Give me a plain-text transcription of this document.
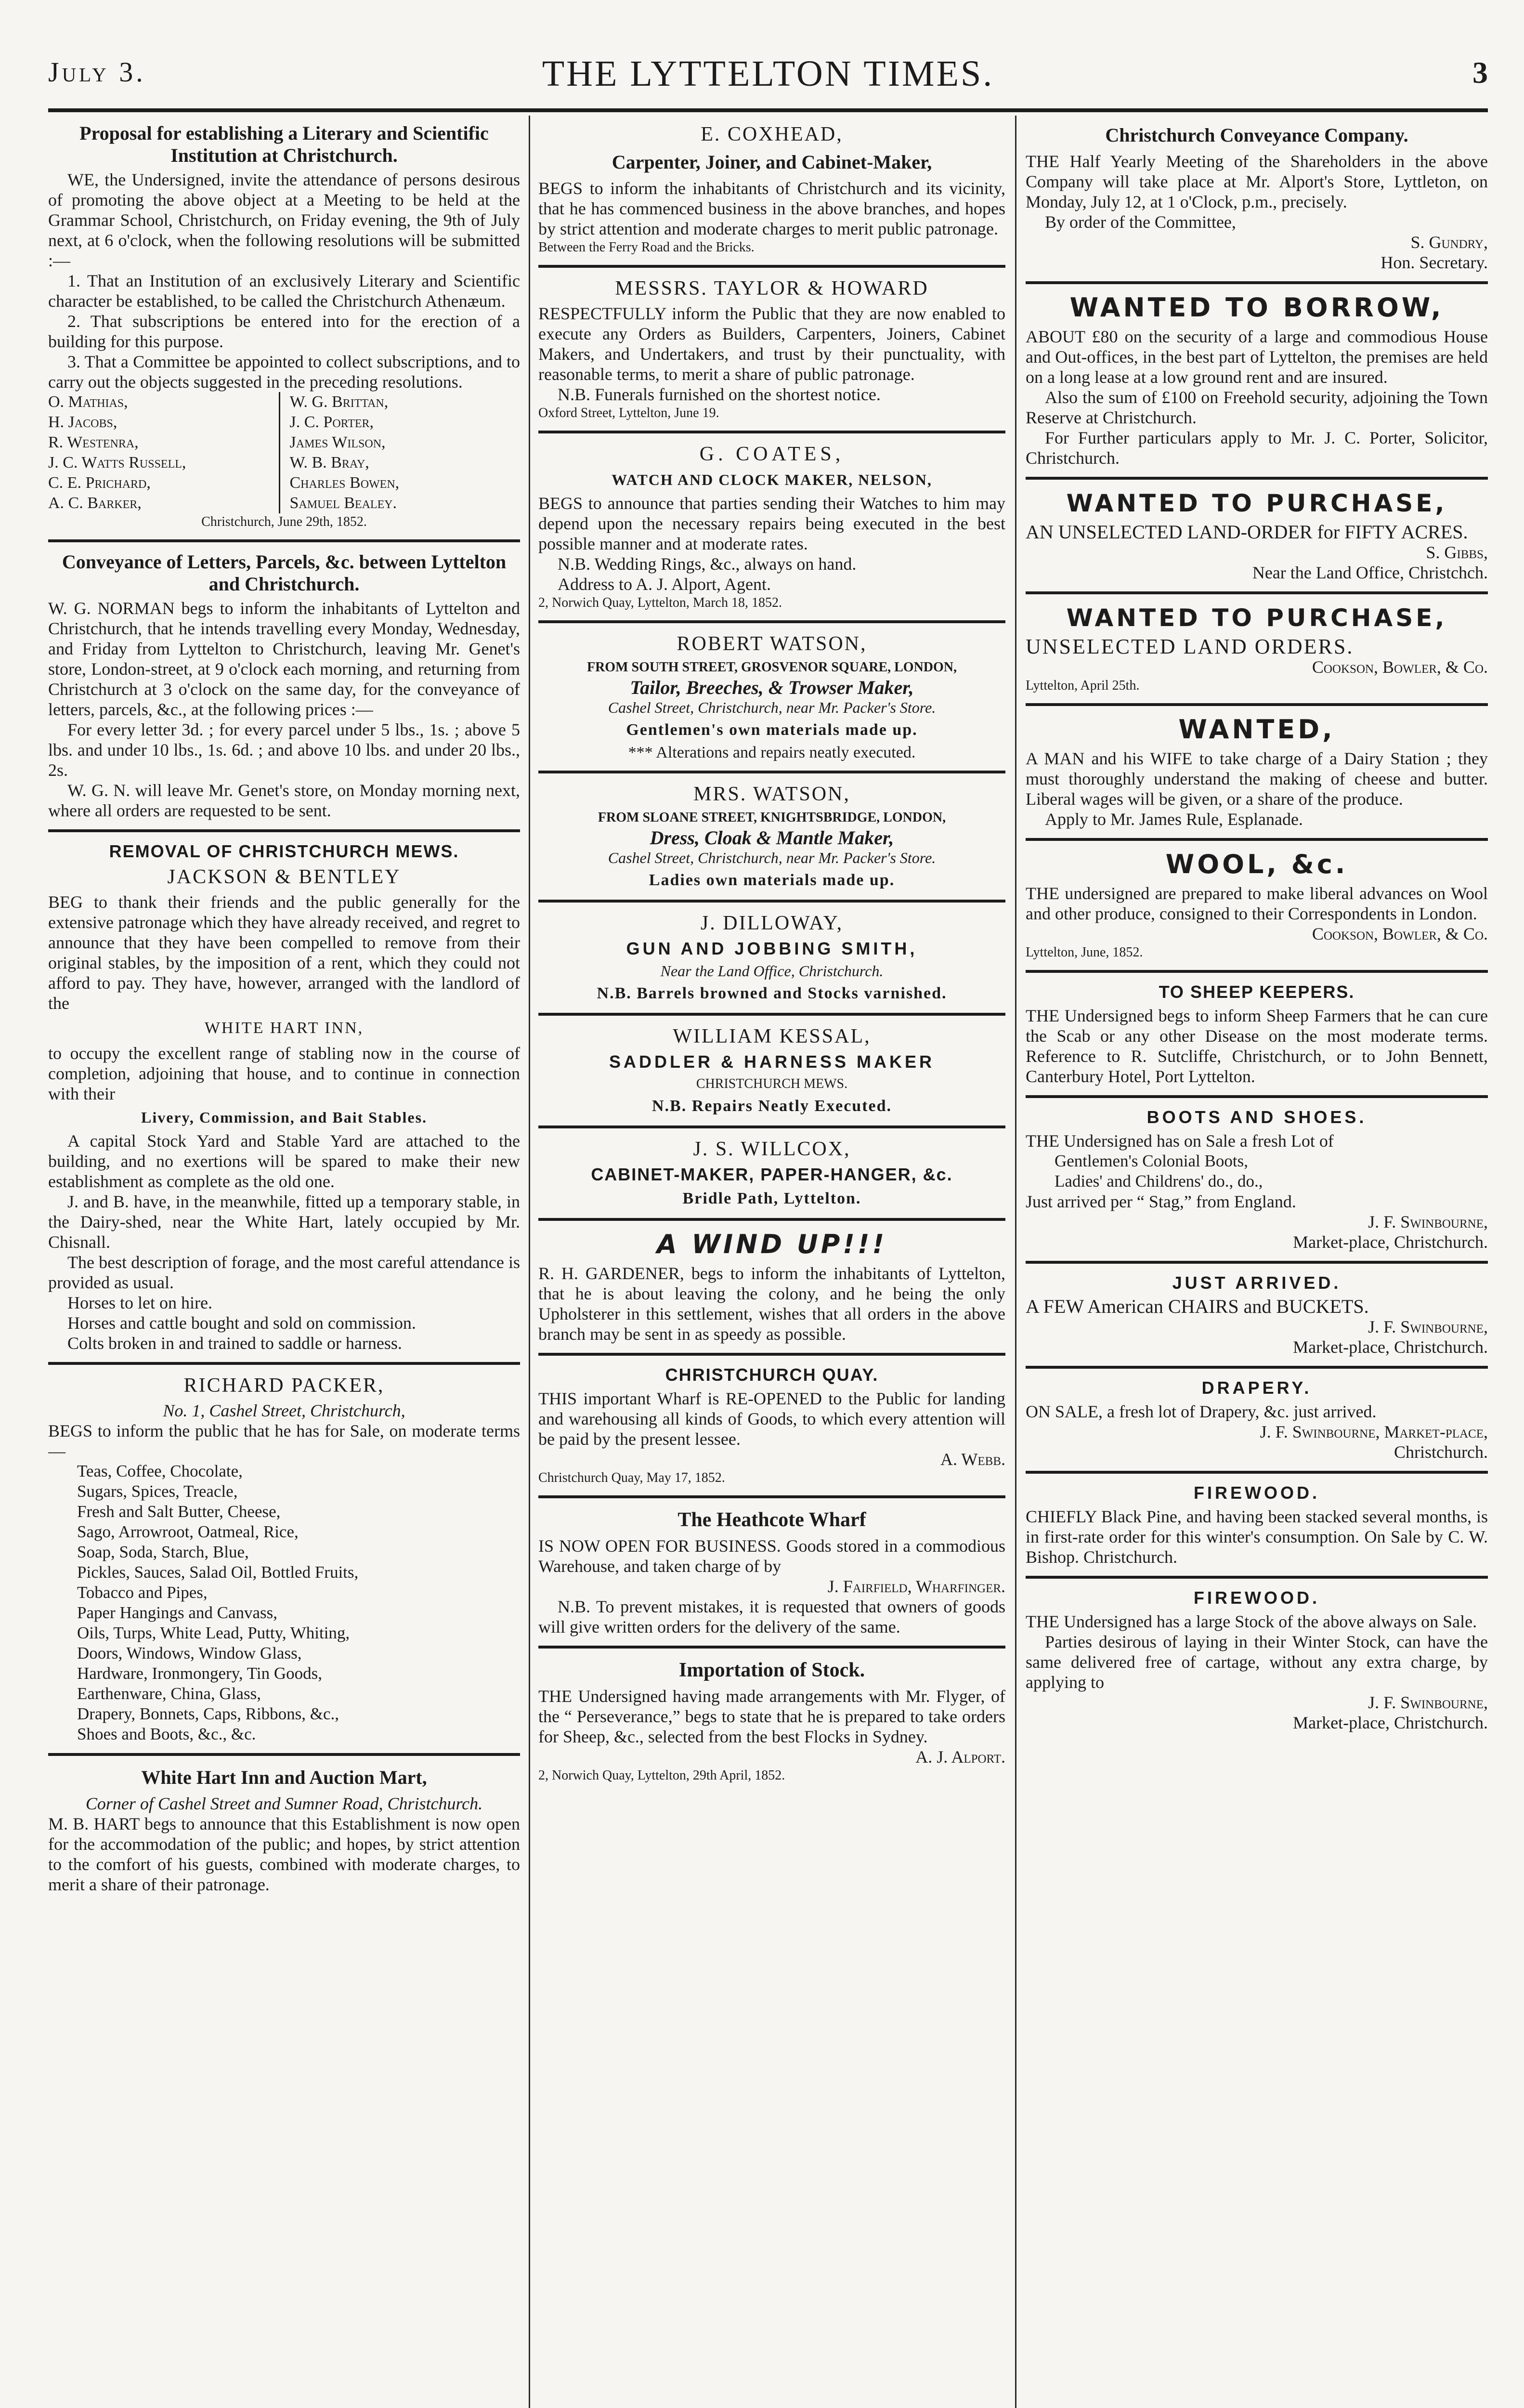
July 3.	THE LYTTELTON TIMES.	3
Proposal for establishing a Literary and Scientific Institution at Christchurch.

WE, the Undersigned, invite the attendance of persons desirous of promoting the above object at a Meeting to be held at the Grammar School, Christchurch, on Friday evening, the 9th of July next, at 6 o'clock, when the following resolutions will be submitted :—

1. That an Institution of an exclusively Literary and Scientific character be established, to be called the Christchurch Athenæum.

2. That subscriptions be entered into for the erection of a building for this purpose.

3. That a Committee be appointed to collect subscriptions, and to carry out the objects suggested in the preceding resolutions.

O. Mathias,
H. Jacobs,
R. Westenra,
J. C. Watts Russell,
C. E. Prichard,
A. C. Barker,
W. G. Brittan,
J. C. Porter,
James Wilson,
W. B. Bray,
Charles Bowen,
Samuel Bealey.
Christchurch, June 29th, 1852.
Conveyance of Letters, Parcels, &c. between Lyttelton and Christchurch.

W. G. NORMAN begs to inform the inhabitants of Lyttelton and Christchurch, that he intends travelling every Monday, Wednesday, and Friday from Lyttelton to Christchurch, leaving Mr. Genet's store, London-street, at 9 o'clock each morning, and returning from Christchurch at 3 o'clock on the same day, for the conveyance of letters, parcels, &c., at the following prices :—

For every letter 3d. ; for every parcel under 5 lbs., 1s. ; above 5 lbs. and under 10 lbs., 1s. 6d. ; and above 10 lbs. and under 20 lbs., 2s.

W. G. N. will leave Mr. Genet's store, on Monday morning next, where all orders are requested to be sent.

REMOVAL OF CHRISTCHURCH MEWS.
JACKSON & BENTLEY

BEG to thank their friends and the public generally for the extensive patronage which they have already received, and regret to announce that they have been compelled to remove from their original stables, by the imposition of a rent, which they could not afford to pay. They have, however, arranged with the landlord of the

WHITE HART INN,

to occupy the excellent range of stabling now in the course of completion, adjoining that house, and to continue in connection with their

Livery, Commission, and Bait Stables.

A capital Stock Yard and Stable Yard are attached to the building, and no exertions will be spared to make their new establishment as complete as the old one.

J. and B. have, in the meanwhile, fitted up a temporary stable, in the Dairy-shed, near the White Hart, lately occupied by Mr. Chisnall.

The best description of forage, and the most careful attendance is provided as usual.

Horses to let on hire.

Horses and cattle bought and sold on commission.

Colts broken in and trained to saddle or harness.

RICHARD PACKER,
No. 1, Cashel Street, Christchurch,

BEGS to inform the public that he has for Sale, on moderate terms—

Teas, Coffee, Chocolate,
Sugars, Spices, Treacle,
Fresh and Salt Butter, Cheese,
Sago, Arrowroot, Oatmeal, Rice,
Soap, Soda, Starch, Blue,
Pickles, Sauces, Salad Oil, Bottled Fruits,
Tobacco and Pipes,
Paper Hangings and Canvass,
Oils, Turps, White Lead, Putty, Whiting,
Doors, Windows, Window Glass,
Hardware, Ironmongery, Tin Goods,
Earthenware, China, Glass,
Drapery, Bonnets, Caps, Ribbons, &c.,
Shoes and Boots, &c., &c.
White Hart Inn and Auction Mart,
Corner of Cashel Street and Sumner Road, Christchurch.

M. B. HART begs to announce that this Establishment is now open for the accommodation of the public; and hopes, by strict attention to the comfort of his guests, combined with moderate charges, to merit a share of their patronage.

E. COXHEAD,
Carpenter, Joiner, and Cabinet-Maker,

BEGS to inform the inhabitants of Christchurch and its vicinity, that he has commenced business in the above branches, and hopes by strict attention and moderate charges to merit public patronage.

Between the Ferry Road and the Bricks.
MESSRS. TAYLOR & HOWARD

RESPECTFULLY inform the Public that they are now enabled to execute any Orders as Builders, Carpenters, Joiners, Cabinet Makers, and Undertakers, and trust by their punctuality, with reasonable terms, to merit a share of public patronage.

N.B. Funerals furnished on the shortest notice.

Oxford Street, Lyttelton, June 19.
G. COATES,
WATCH AND CLOCK MAKER, NELSON,

BEGS to announce that parties sending their Watches to him may depend upon the necessary repairs being executed in the best possible manner and at moderate rates.

N.B. Wedding Rings, &c., always on hand.

Address to A. J. Alport, Agent.

2, Norwich Quay, Lyttelton, March 18, 1852.
ROBERT WATSON,
FROM SOUTH STREET, GROSVENOR SQUARE, LONDON,
Tailor, Breeches, & Trowser Maker,
Cashel Street, Christchurch, near Mr. Packer's Store.
Gentlemen's own materials made up.
*** Alterations and repairs neatly executed.
MRS. WATSON,
FROM SLOANE STREET, KNIGHTSBRIDGE, LONDON,
Dress, Cloak & Mantle Maker,
Cashel Street, Christchurch, near Mr. Packer's Store.
Ladies own materials made up.
J. DILLOWAY,
GUN AND JOBBING SMITH,
Near the Land Office, Christchurch.
N.B. Barrels browned and Stocks varnished.
WILLIAM KESSAL,
SADDLER & HARNESS MAKER
CHRISTCHURCH MEWS.
N.B. Repairs Neatly Executed.
J. S. WILLCOX,
CABINET-MAKER, PAPER-HANGER, &c.
Bridle Path, Lyttelton.
A WIND UP!!!

R. H. GARDENER, begs to inform the inhabitants of Lyttelton, that he is about leaving the colony, and he being the only Upholsterer in this settlement, wishes that all orders in the above branch may be sent in as speedy as possible.

CHRISTCHURCH QUAY.

THIS important Wharf is RE-OPENED to the Public for landing and warehousing all kinds of Goods, to which every attention will be paid by the present lessee.

A. Webb.
Christchurch Quay, May 17, 1852.
The Heathcote Wharf

IS NOW OPEN FOR BUSINESS. Goods stored in a commodious Warehouse, and taken charge of by

J. Fairfield, Wharfinger.

N.B. To prevent mistakes, it is requested that owners of goods will give written orders for the delivery of the same.

Importation of Stock.

THE Undersigned having made arrangements with Mr. Flyger, of the “ Perseverance,” begs to state that he is prepared to take orders for Sheep, &c., selected from the best Flocks in Sydney.

A. J. Alport.
2, Norwich Quay, Lyttelton, 29th April, 1852.
Christchurch Conveyance Company.

THE Half Yearly Meeting of the Shareholders in the above Company will take place at Mr. Alport's Store, Lyttleton, on Monday, July 12, at 1 o'Clock, p.m., precisely.

By order of the Committee,

S. Gundry,
Hon. Secretary.
WANTED TO BORROW,

ABOUT £80 on the security of a large and commodious House and Out-offices, in the best part of Lyttelton, the premises are held on a long lease at a low ground rent and are insured.

Also the sum of £100 on Freehold security, adjoining the Town Reserve at Christchurch.

For Further particulars apply to Mr. J. C. Porter, Solicitor, Christchurch.

WANTED TO PURCHASE,

AN UNSELECTED LAND-ORDER for FIFTY ACRES.

S. Gibbs,
Near the Land Office, Christchch.
WANTED TO PURCHASE,

UNSELECTED LAND ORDERS.

Cookson, Bowler, & Co.
Lyttelton, April 25th.
WANTED,

A MAN and his WIFE to take charge of a Dairy Station ; they must thoroughly understand the making of cheese and butter. Liberal wages will be given, or a share of the produce.

Apply to Mr. James Rule, Esplanade.

WOOL, &c.

THE undersigned are prepared to make liberal advances on Wool and other produce, consigned to their Correspondents in London.

Cookson, Bowler, & Co.
Lyttelton, June, 1852.
TO SHEEP KEEPERS.

THE Undersigned begs to inform Sheep Farmers that he can cure the Scab or any other Disease on the most moderate terms. Reference to R. Sutcliffe, Christchurch, or to John Bennett, Canterbury Hotel, Port Lyttelton.

BOOTS AND SHOES.

THE Undersigned has on Sale a fresh Lot of

Gentlemen's Colonial Boots,
Ladies' and Childrens' do., do.,

Just arrived per “ Stag,” from England.

J. F. Swinbourne,
Market-place, Christchurch.
JUST ARRIVED.

A FEW American CHAIRS and BUCKETS.

J. F. Swinbourne,
Market-place, Christchurch.
DRAPERY.

ON SALE, a fresh lot of Drapery, &c. just arrived.

J. F. Swinbourne, Market-place,
Christchurch.
FIREWOOD.

CHIEFLY Black Pine, and having been stacked several months, is in first-rate order for this winter's consumption. On Sale by C. W. Bishop. Christchurch.

FIREWOOD.

THE Undersigned has a large Stock of the above always on Sale.

Parties desirous of laying in their Winter Stock, can have the same delivered free of cartage, without any extra charge, by applying to

J. F. Swinbourne,
Market-place, Christchurch.
